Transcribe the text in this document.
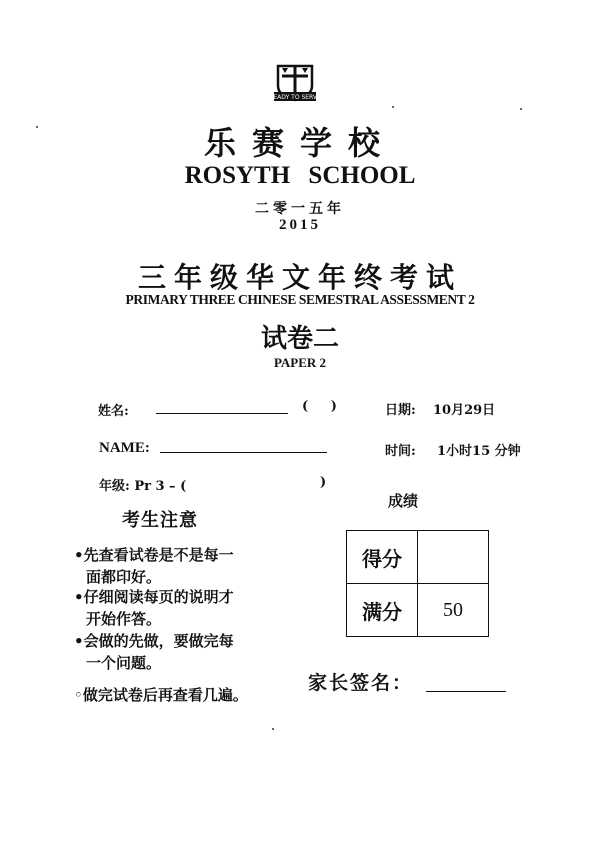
READY TO SERVE
乐赛学校
ROSYTH SCHOOL
二零一五年
2015
三年级华文年终考试
PRIMARY THREE CHINESE SEMESTRAL ASSESSMENT 2
试卷二
PAPER 2
姓名:	(     )	日期: 10月29日
NAME:	时间: 1小时15 分钟
年级: Pr 3 – (	)
考生注意
•先查看试卷是不是每一
面都印好。
•仔细阅读每页的说明才
开始作答。
•会做的先做，要做完每
一个问题。
◦做完试卷后再查看几遍。
成绩
得分	
满分	50
家长签名：
